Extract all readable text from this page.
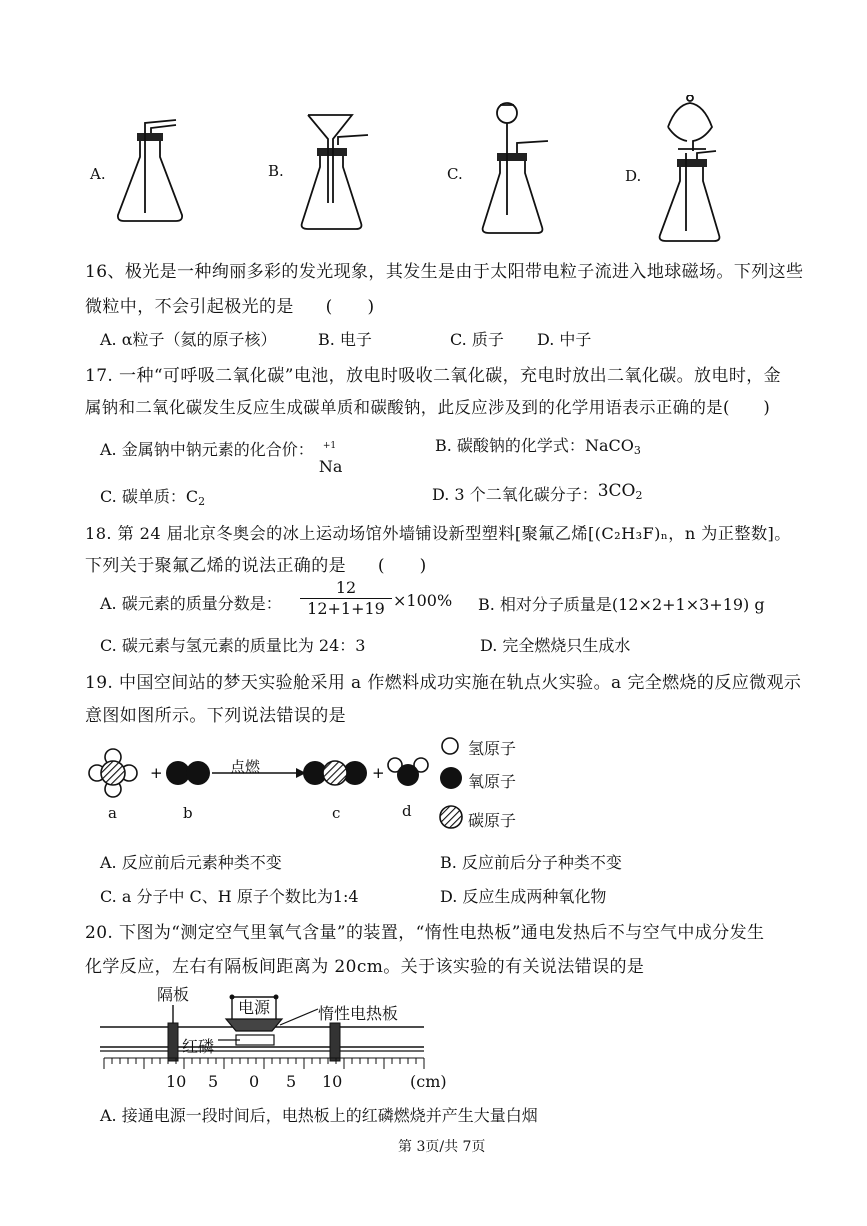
A.	B.	C.	D.
16、极光是一种绚丽多彩的发光现象，其发生是由于太阳带电粒子流进入地球磁场。下列这些
微粒中，不会引起极光的是 (　　)
A. α粒子（氦的原子核）	B. 电子	C. 质子 D. 中子
17. 一种“可呼吸二氧化碳”电池，放电时吸收二氧化碳，充电时放出二氧化碳。放电时，金
属钠和二氧化碳发生反应生成碳单质和碳酸钠，此反应涉及到的化学用语表示正确的是(　　)
A. 金属钠中钠元素的化合价： +1
Na
B. 碳酸钠的化学式：NaCO$_3$
C. 碳单质：$C_2$	D. 3 个二氧化碳分子：$3CO_2$
18. 第 24 届北京冬奥会的冰上运动场馆外墙铺设新型塑料[聚氟乙烯[(C₂H₃F)ₙ，n 为正整数]。
下列关于聚氟乙烯的说法正确的是 (　　)
A. 碳元素的质量分数是： $\frac{12}{12+1+19} \times 100\%$ B. 相对分子质量是(12×2+1×3+19) g
C. 碳元素与氢元素的质量比为 24：3	D. 完全燃烧只生成水
19. 中国空间站的梦天实验舱采用 a 作燃料成功实施在轨点火实验。a 完全燃烧的反应微观示
意图如图所示。下列说法错误的是
+	+
点燃
a	b	c	d
氢原子
氧原子
碳原子
A. 反应前后元素种类不变	B. 反应前后分子种类不变
C. a 分子中 C、H 原子个数比为1:4	D. 反应生成两种氧化物
20. 下图为“测定空气里氧气含量”的装置，“惰性电热板”通电发热后不与空气中成分发生
化学反应，左右有隔板间距离为 20cm。关于该实验的有关说法错误的是
隔板
电源	惰性电热板
红磷
10 5 0 5 10	(cm)
A. 接通电源一段时间后，电热板上的红磷燃烧并产生大量白烟
第 3页/共 7页
